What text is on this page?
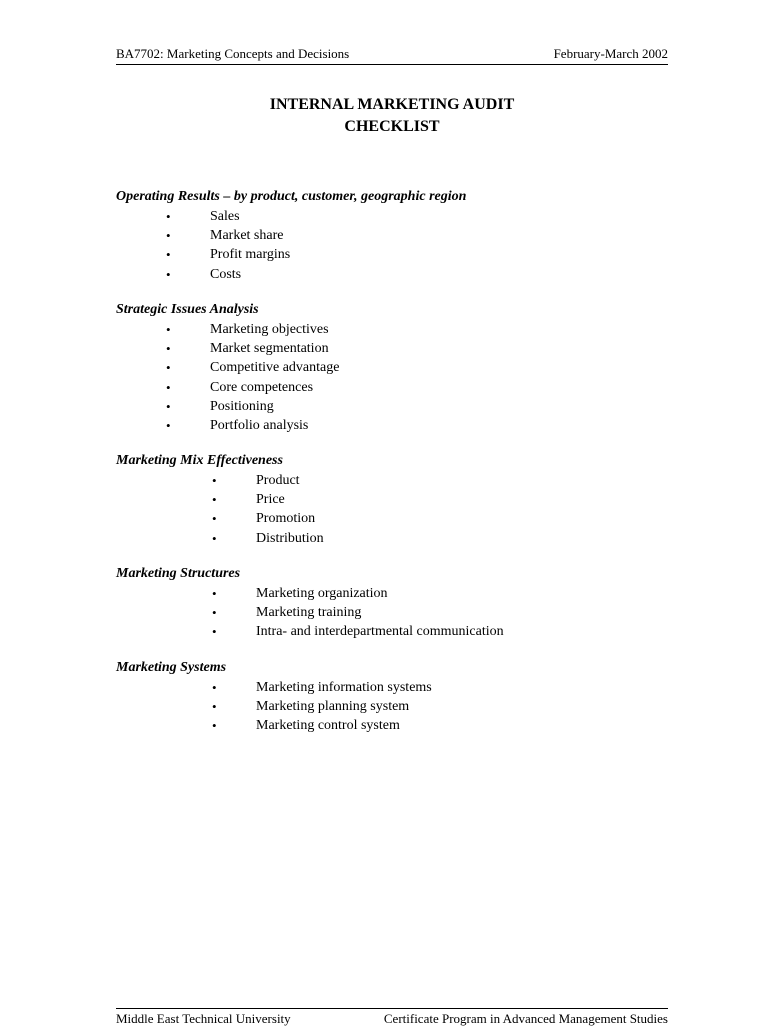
BA7702: Marketing Concepts and Decisions	February-March 2002
INTERNAL MARKETING AUDIT
CHECKLIST
Operating Results – by product, customer, geographic region
•	Sales
•	Market share
•	Profit margins
•	Costs
Strategic Issues Analysis
•	Marketing objectives
•	Market segmentation
•	Competitive advantage
•	Core competences
•	Positioning
•	Portfolio analysis
Marketing Mix Effectiveness
•	Product
•	Price
•	Promotion
•	Distribution
Marketing Structures
•	Marketing organization
•	Marketing training
•	Intra- and interdepartmental communication
Marketing Systems
•	Marketing information systems
•	Marketing planning system
•	Marketing control system
Middle East Technical University	Certificate Program in Advanced Management Studies
